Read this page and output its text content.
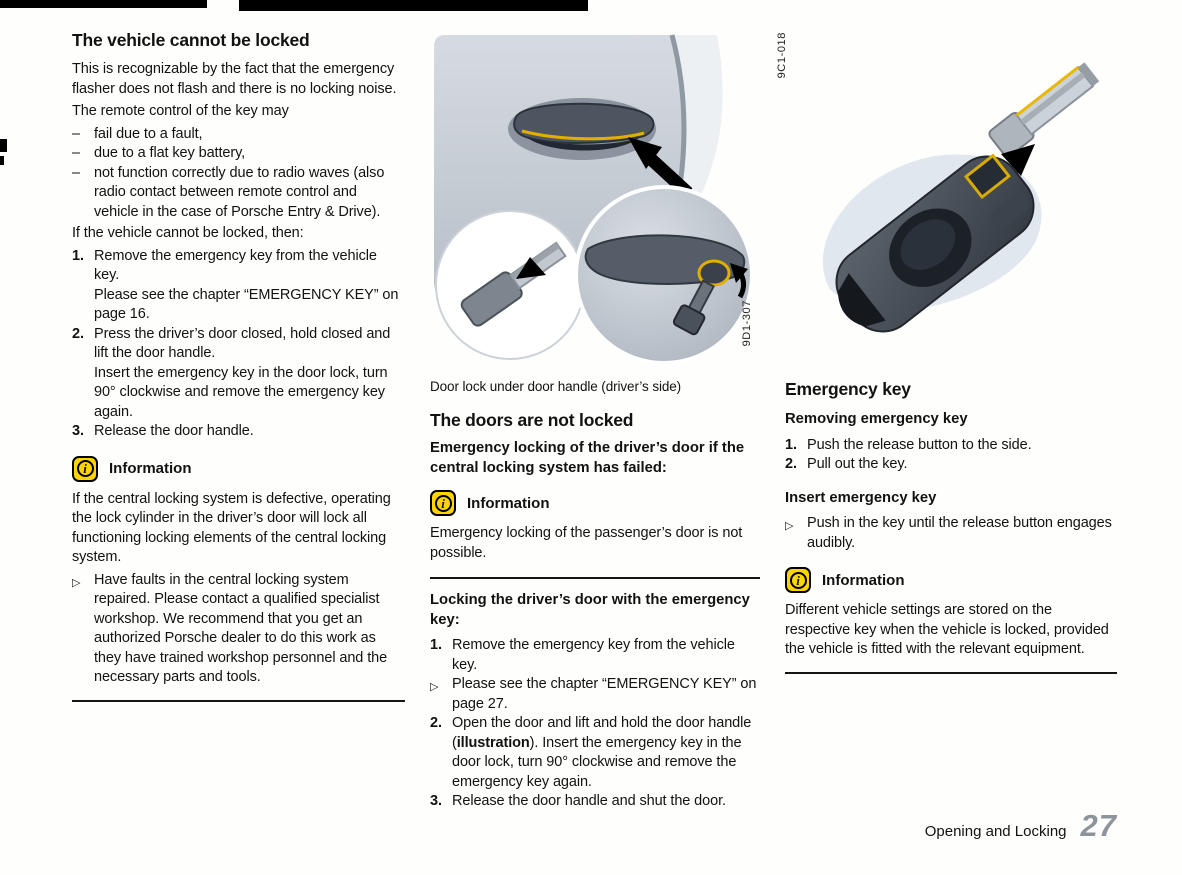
The vehicle cannot be locked

This is recognizable by the fact that the emergency flasher does not flash and there is no locking noise.

The remote control of the key may

– fail due to a fault,
– due to a flat key battery,
– not function correctly due to radio waves (also radio contact between remote control and vehicle in the case of Porsche Entry & Drive).

If the vehicle cannot be locked, then:

1. Remove the emergency key from the vehicle key.
Please see the chapter “EMERGENCY KEY” on page 16.
2. Press the driver’s door closed, hold closed and lift the door handle.
Insert the emergency key in the door lock, turn 90° clockwise and remove the emergency key again.
3. Release the door handle.
i	Information

If the central locking system is defective, operating the lock cylinder in the driver’s door will lock all functioning locking elements of the central locking system.

▷ Have faults in the central locking system repaired. Please contact a qualified specialist workshop. We recommend that you get an authorized Porsche dealer to do this work as they have trained workshop personnel and the necessary parts and tools.
Door lock under door handle (driver’s side)
The doors are not locked
Emergency locking of the driver’s door if the central locking system has failed:
i	Information

Emergency locking of the passenger’s door is not possible.

Locking the driver’s door with the emergency key:
1. Remove the emergency key from the vehicle key.
▷ Please see the chapter “EMERGENCY KEY” on page 27.
2. Open the door and lift and hold the door handle (illustration). Insert the emergency key in the door lock, turn 90° clockwise and remove the emergency key again.
3. Release the door handle and shut the door.
Emergency key
Removing emergency key
1. Push the release button to the side.
2. Pull out the key.
Insert emergency key
▷ Push in the key until the release button engages audibly.
i	Information

Different vehicle settings are stored on the respective key when the vehicle is locked, provided the vehicle is fitted with the relevant equipment.

9C1-018
9D1-307
Opening and Locking 27
